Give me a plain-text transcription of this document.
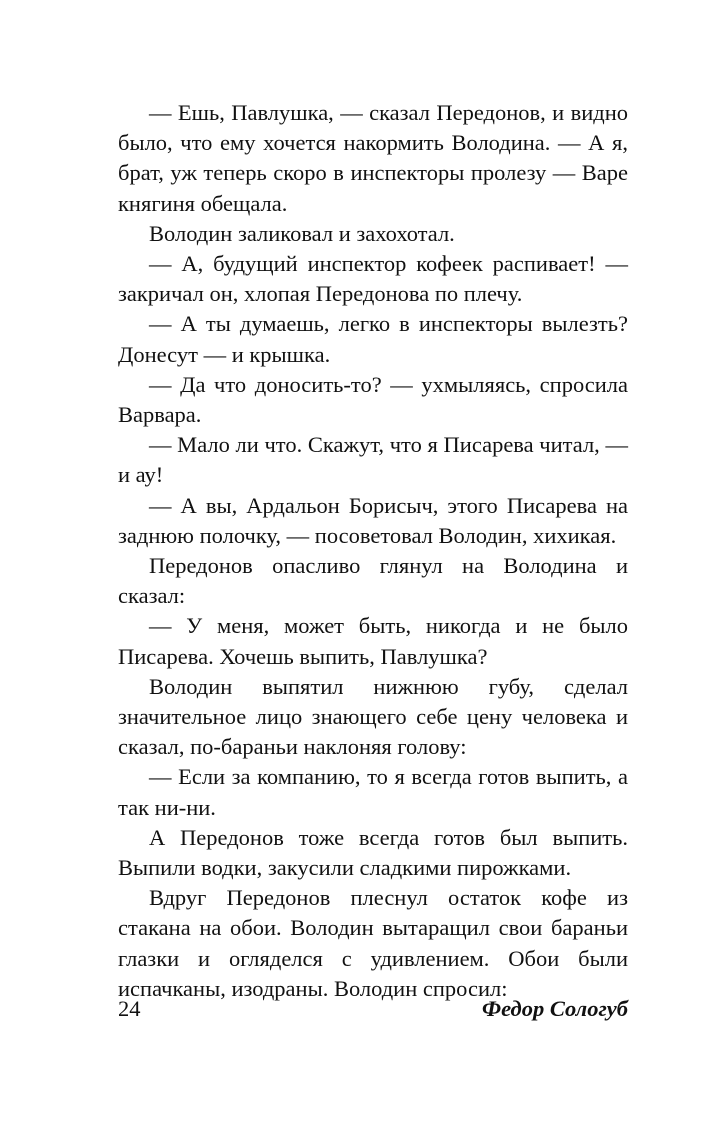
— Ешь, Павлушка, — сказал Передонов, и видно было, что ему хочется накормить Володина. — А я, брат, уж теперь скоро в инспекторы пролезу — Варе княгиня обещала.

Володин заликовал и захохотал.

— А, будущий инспектор кофеек распивает! — закричал он, хлопая Передонова по плечу.

— А ты думаешь, легко в инспекторы вылезть? Донесут — и крышка.

— Да что доносить-то? — ухмыляясь, спросила Варвара.

— Мало ли что. Скажут, что я Писарева читал, — и ау!

— А вы, Ардальон Борисыч, этого Писарева на заднюю полочку, — посоветовал Володин, хихикая.

Передонов опасливо глянул на Володина и сказал:

— У меня, может быть, никогда и не было Писарева. Хочешь выпить, Павлушка?

Володин выпятил нижнюю губу, сделал значительное лицо знающего себе цену человека и сказал, по-бараньи наклоняя голову:

— Если за компанию, то я всегда готов выпить, а так ни-ни.

А Передонов тоже всегда готов был выпить. Выпили водки, закусили сладкими пирожками.

Вдруг Передонов плеснул остаток кофе из стакана на обои. Володин вытаращил свои бараньи глазки и огляделся с удивлением. Обои были испачканы, изодраны. Володин спросил:

24	Федор Сологуб
